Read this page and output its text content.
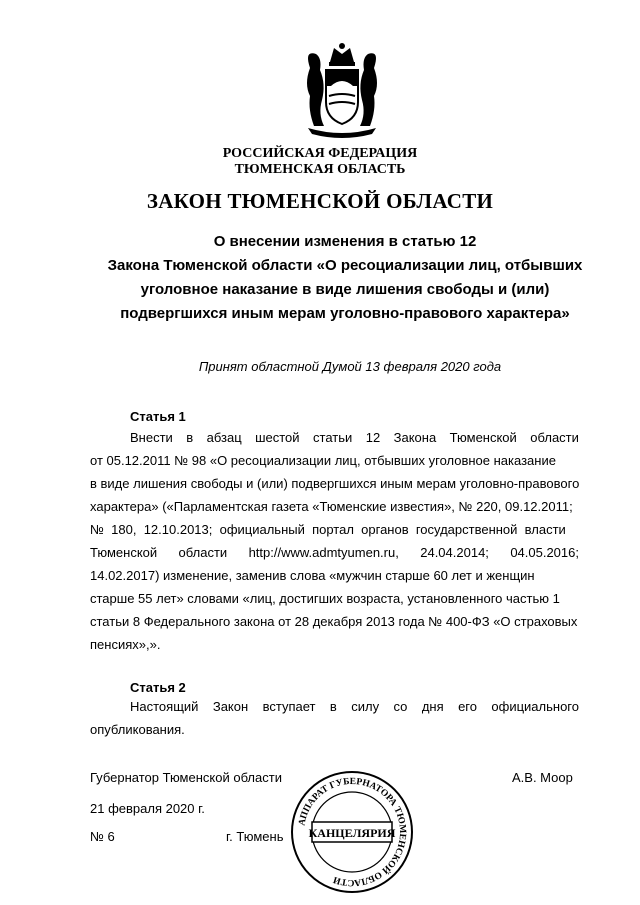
РОССИЙСКАЯ ФЕДЕРАЦИЯ
ТЮМЕНСКАЯ ОБЛАСТЬ
ЗАКОН ТЮМЕНСКОЙ ОБЛАСТИ
О внесении изменения в статью 12
Закона Тюменской области «О ресоциализации лиц, отбывших
уголовное наказание в виде лишения свободы и (или)
подвергшихся иным мерам уголовно-правового характера»
Принят областной Думой 13 февраля 2020 года
Статья 1
Внести в абзац шестой статьи 12 Закона Тюменской области
от 05.12.2011 № 98 «О ресоциализации лиц, отбывших уголовное наказание
в виде лишения свободы и (или) подвергшихся иным мерам уголовно-правового
характера» («Парламентская газета «Тюменские известия», № 220, 09.12.2011;
№  180,  12.10.2013;  официальный  портал  органов  государственной  власти
Тюменской области http://www.admtyumen.ru, 24.04.2014; 04.05.2016;
14.02.2017) изменение, заменив слова «мужчин старше 60 лет и женщин
старше 55 лет» словами «лиц, достигших возраста, установленного частью 1
статьи 8 Федерального закона от 28 декабря 2013 года № 400-ФЗ «О страховых
пенсиях»,».
Статья 2
Настоящий Закон вступает в силу со дня его официального
опубликования.
Губернатор Тюменской области	А.В. Моор
21 февраля 2020 г.
№ 6	г. Тюмень
АППАРАТ ГУБЕРНАТОРА ТЮМЕНСКОЙ ОБЛАСТИ
КАНЦЕЛЯРИЯ
